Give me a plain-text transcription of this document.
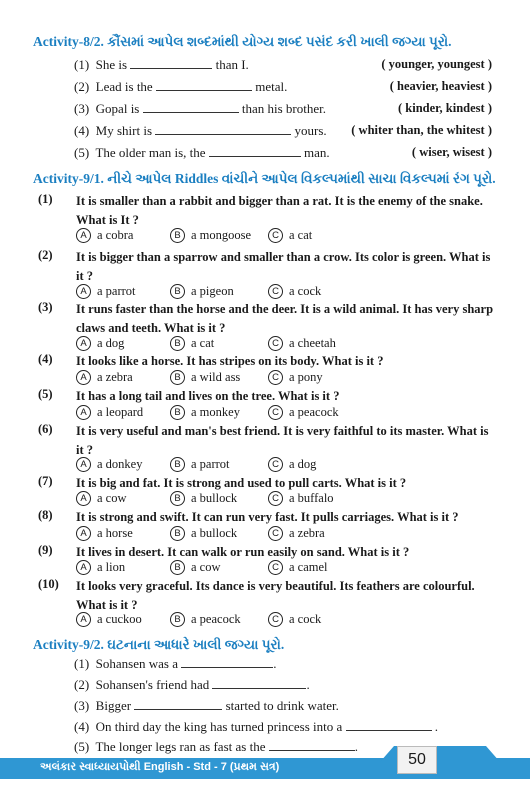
Activity-8/2. કૌંસમાં આપેલ શબ્દમાંથી યોગ્ય શબ્દ પસંદ કરી ખાલી જગ્યા પૂરો.
(1) She is	than I.	( younger, youngest )
(2) Lead is the	metal.	( heavier, heaviest )
(3) Gopal is	than his brother.	( kinder, kindest )
(4) My shirt is	yours. ( whiter than, the whitest )
(5) The older man is, the	man.	( wiser, wisest )
Activity-9/1. નીચે આપેલ Riddles વાંચીને આપેલ વિકલ્પમાંથી સાચા વિકલ્પમાં રંગ પૂરો.
(1) It is smaller than a rabbit and bigger than a rat. It is the enemy of the snake. What is It ?
A a cobra	B a mongoose	C a cat
(2) It is bigger than a sparrow and smaller than a crow. Its color is green. What is it ?
A a parrot	B a pigeon	C a cock
(3) It runs faster than the horse and the deer. It is a wild animal. It has very sharp claws and teeth. What is it ?
A a dog	B a cat	C a cheetah
(4) It looks like a horse. It has stripes on its body. What is it ?
A a zebra	B a wild ass	C a pony
(5) It has a long tail and lives on the tree. What is it ?
A a leopard	B a monkey	C a peacock
(6) It is very useful and man's best friend. It is very faithful to its master. What is it ?
A a donkey	B a parrot	C a dog
(7) It is big and fat. It is strong and used to pull carts. What is it ?
A a cow	B a bullock	C a buffalo
(8) It is strong and swift. It can run very fast. It pulls carriages. What is it ?
A a horse	B a bullock	C a zebra
(9) It lives in desert. It can walk or run easily on sand. What is it ?
A a lion	B a cow	C a camel
(10) It looks very graceful. Its dance is very beautiful. Its feathers are colourful. What is it ?
A a cuckoo	B a peacock	C a cock
Activity-9/2. ઘટનાના આધારે ખાલી જગ્યા પૂરો.
(1) Sohansen was a	.
(2) Sohansen's friend had	.
(3) Bigger	started to drink water.
(4) On third day the king has turned princess into a	.
(5) The longer legs ran as fast as the	.
અલંકાર સ્વાધ્યાયપોથી English - Std - 7 (પ્રથમ સત્ર)	50
